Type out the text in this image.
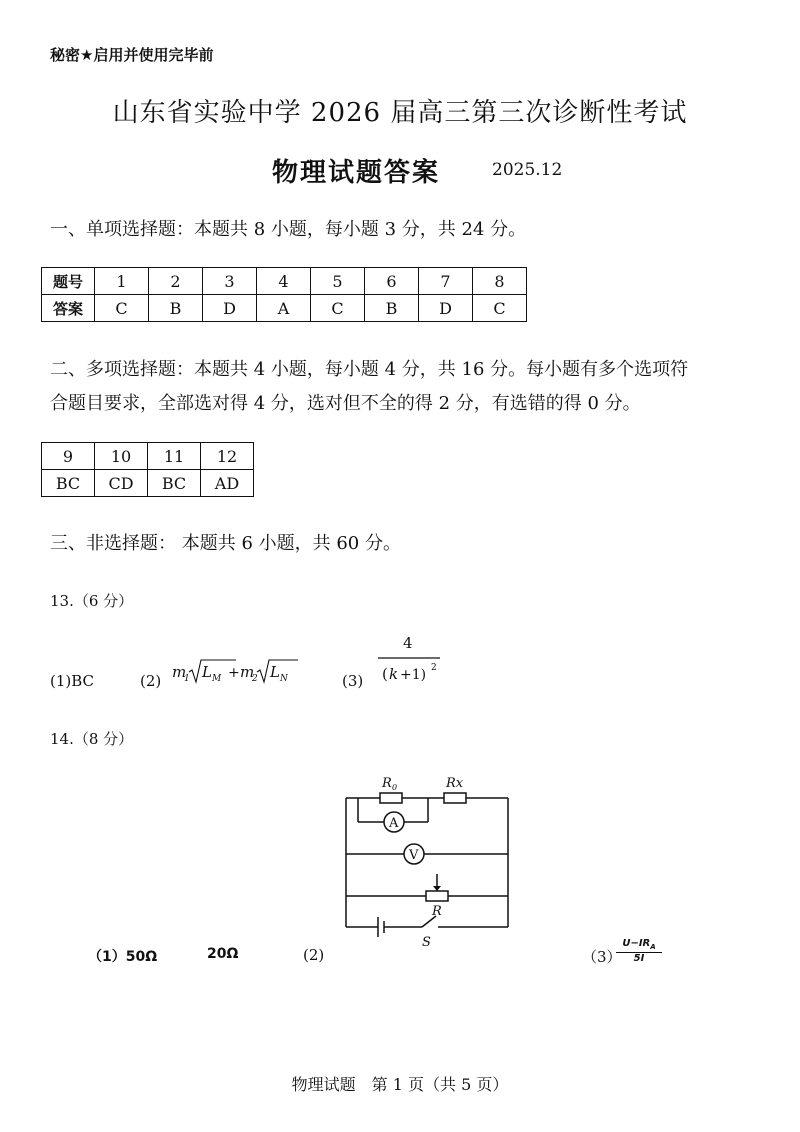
秘密★启用并使用完毕前
山东省实验中学 2026 届高三第三次诊断性考试
物理试题答案	2025.12
一、单项选择题：本题共 8 小题，每小题 3 分，共 24 分。
题号	1	2	3	4	5	6	7	8
答案	C	B	D	A	C	B	D	C
二、多项选择题：本题共 4 小题，每小题 4 分，共 16 分。每小题有多个选项符
合题目要求，全部选对得 4 分，选对但不全的得 2 分，有选错的得 0 分。
9	10	11	12
BC	CD	BC	AD
三、非选择题： 本题共 6 小题，共 60 分。
13.（6 分）
(1)BC	(2) m
1 L M + m
2 L N	(3)
4
( k +1) 2
14.（8 分）
R 0	Rx
A
V
R
S
（1）50Ω	20Ω	(2)	（3）
$U-IR_A$
5I
物理试题　第 1 页（共 5 页）
